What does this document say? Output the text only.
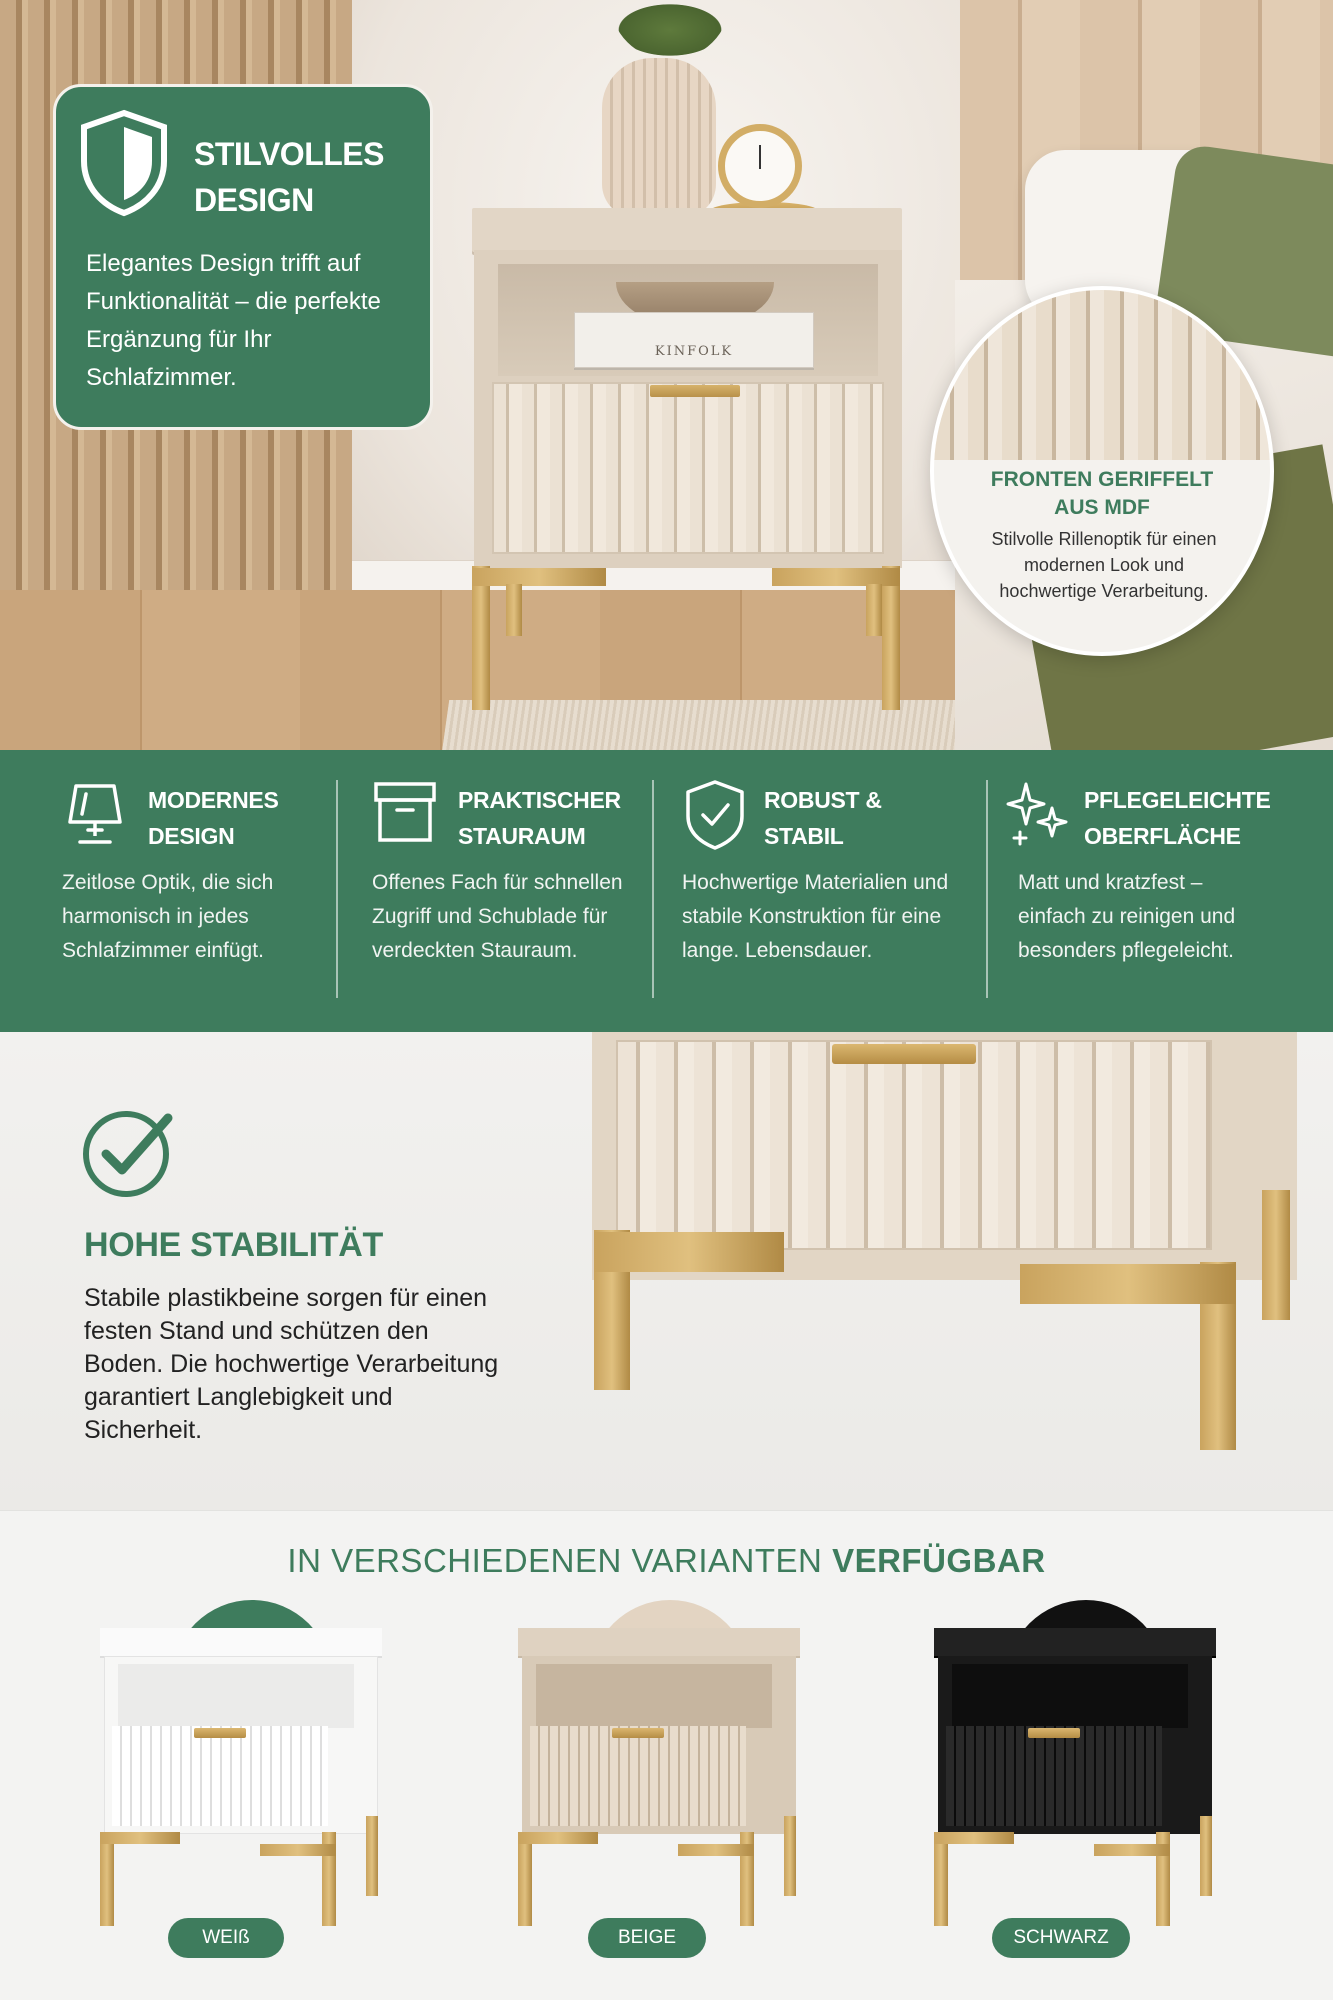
KINFOLK
STILVOLLES
DESIGN
Elegantes Design trifft auf Funktionalität – die perfekte Ergänzung für Ihr Schlafzimmer.
FRONTEN GERIFFELT
AUS MDF
Stilvolle Rillenoptik für einen modernen Look und hochwertige Verarbeitung.
MODERNES
DESIGN
Zeitlose Optik, die sich harmonisch in jedes Schlafzimmer einfügt.
PRAKTISCHER
STAURAUM
Offenes Fach für schnellen Zugriff und Schublade für verdeckten Stauraum.
ROBUST &
STABIL
Hochwertige Materialien und stabile Konstruktion für eine lange. Lebensdauer.
PFLEGELEICHTE
OBERFLÄCHE
Matt und kratzfest – einfach zu reinigen und besonders pflegeleicht.
HOHE STABILITÄT
Stabile plastikbeine sorgen für einen festen Stand und schützen den Boden. Die hochwertige Verarbeitung garantiert Langlebigkeit und Sicherheit.
IN VERSCHIEDENEN VARIANTEN VERFÜGBAR
WEIß	BEIGE	SCHWARZ
